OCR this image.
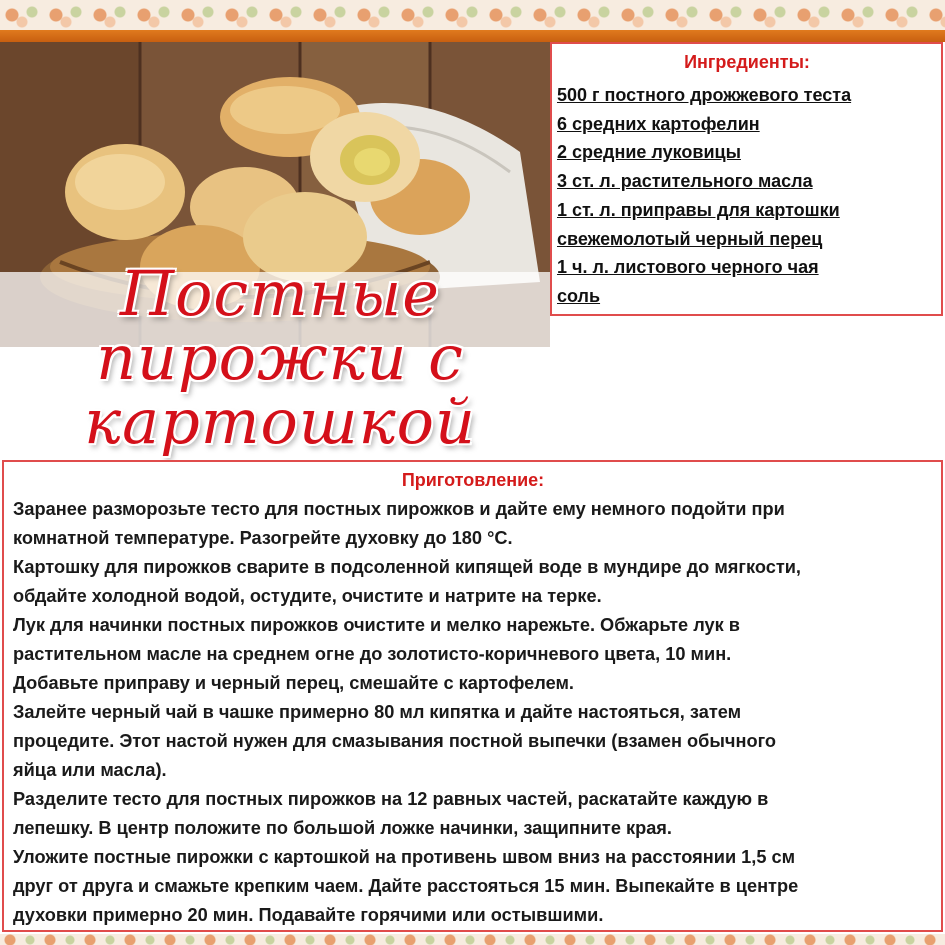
Постные
пирожки с
картошкой
Ингредиенты:
500 г постного дрожжевого теста
6 средних картофелин
2 средние луковицы
3 ст. л. растительного масла
1 ст. л. приправы для картошки
свежемолотый черный перец
1 ч. л. листового черного чая
соль
Приготовление:

Заранее разморозьте тесто для постных пирожков и дайте ему немного подойти при

комнатной температуре. Разогрейте духовку до 180 °С.

Картошку для пирожков сварите в подсоленной кипящей воде в мундире до мягкости,

обдайте холодной водой, остудите, очистите и натрите на терке.

Лук для начинки постных пирожков очистите и мелко нарежьте. Обжарьте лук в

растительном масле на среднем огне до золотисто-коричневого цвета, 10 мин.

Добавьте приправу и черный перец, смешайте с картофелем.

Залейте черный чай в чашке примерно 80 мл кипятка и дайте настояться, затем

процедите. Этот настой нужен для смазывания постной выпечки (взамен обычного

яйца или масла).

Разделите тесто для постных пирожков на 12 равных частей, раскатайте каждую в

лепешку. В центр положите по большой ложке начинки, защипните края.

Уложите постные пирожки с картошкой на противень швом вниз на расстоянии 1,5 см

друг от друга и смажьте крепким чаем. Дайте расстояться 15 мин. Выпекайте в центре

духовки примерно 20 мин. Подавайте горячими или остывшими.
